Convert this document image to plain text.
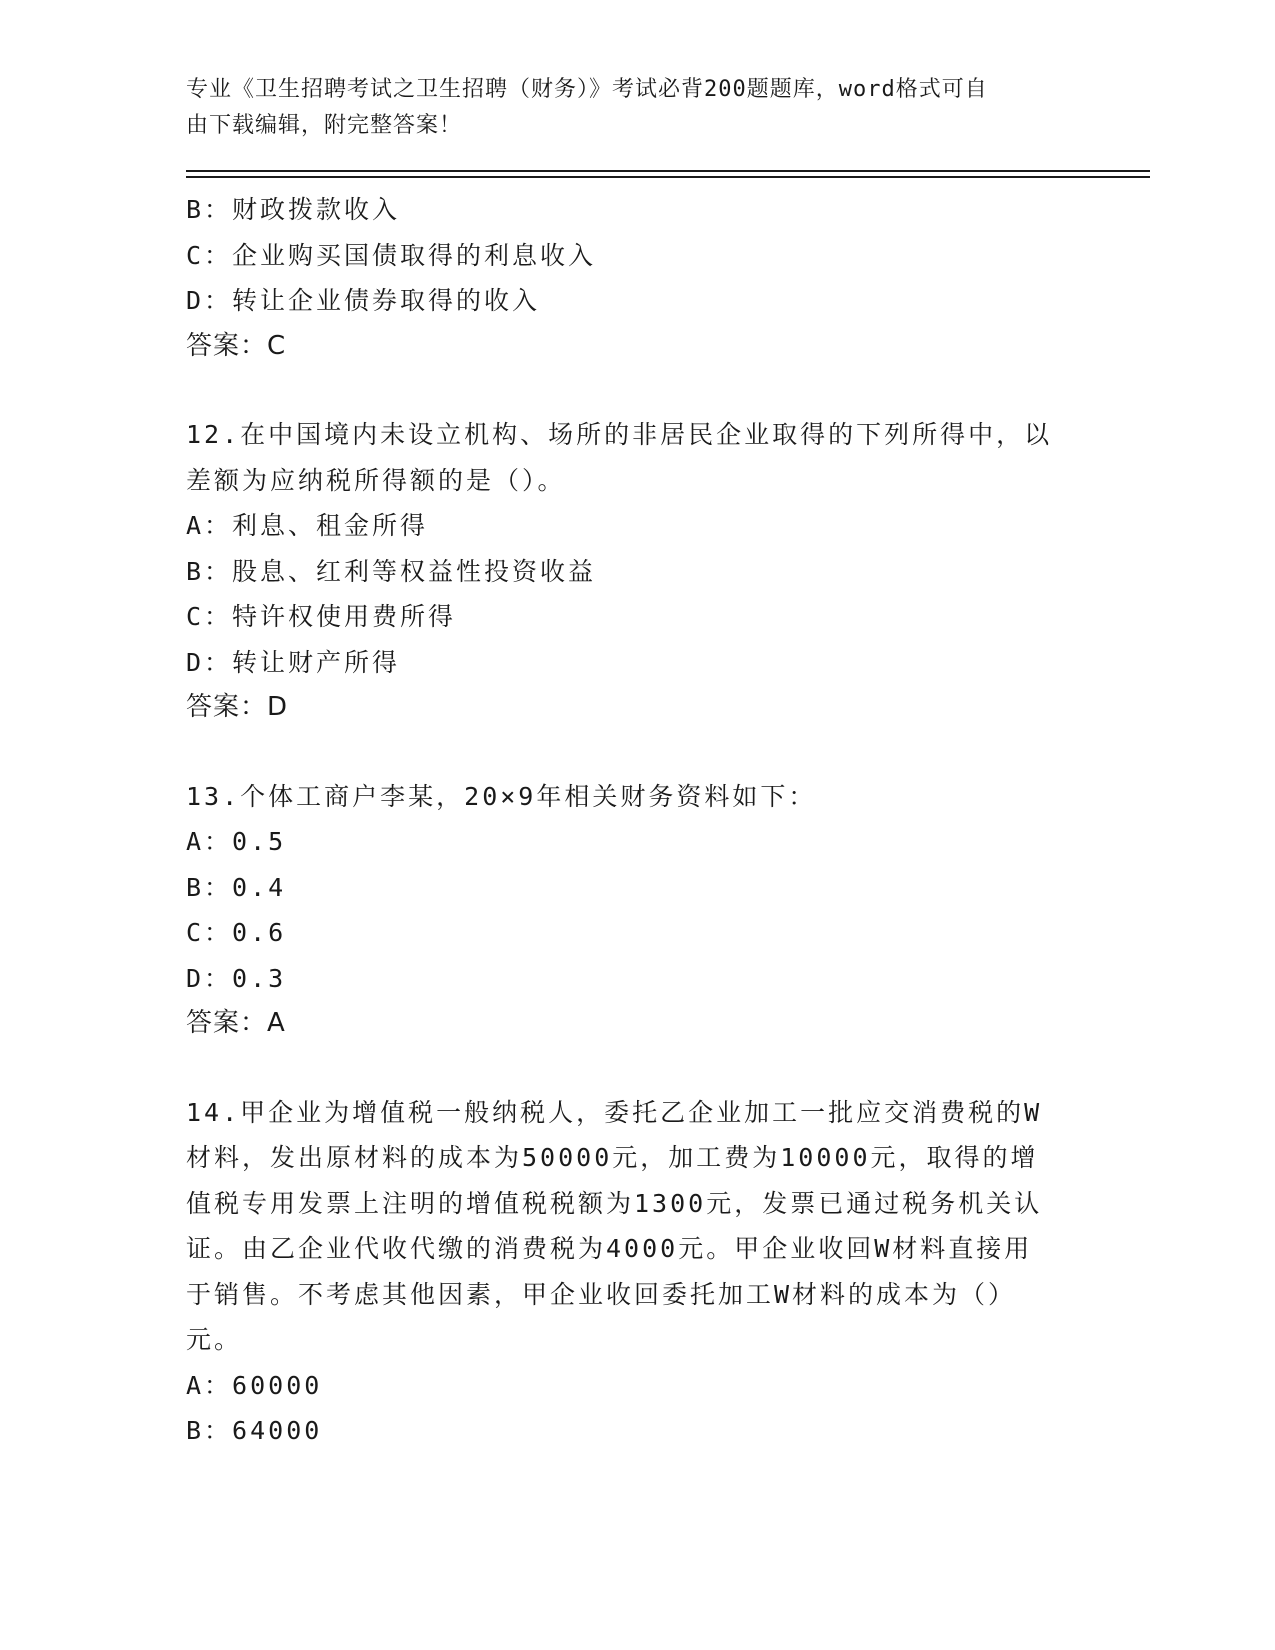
专业《卫生招聘考试之卫生招聘（财务）》考试必背200题题库，word格式可自
由下载编辑，附完整答案！
B：财政拨款收入
C：企业购买国债取得的利息收入
D：转让企业债券取得的收入
答案：C
12.在中国境内未设立机构、场所的非居民企业取得的下列所得中，以
差额为应纳税所得额的是（）。
A：利息、租金所得
B：股息、红利等权益性投资收益
C：特许权使用费所得
D：转让财产所得
答案：D
13.个体工商户李某，20×9年相关财务资料如下：
A：0.5
B：0.4
C：0.6
D：0.3
答案：A
14.甲企业为增值税一般纳税人，委托乙企业加工一批应交消费税的W
材料，发出原材料的成本为50000元，加工费为10000元，取得的增
值税专用发票上注明的增值税税额为1300元，发票已通过税务机关认
证。由乙企业代收代缴的消费税为4000元。甲企业收回W材料直接用
于销售。不考虑其他因素，甲企业收回委托加工W材料的成本为（）
元。
A：60000
B：64000
